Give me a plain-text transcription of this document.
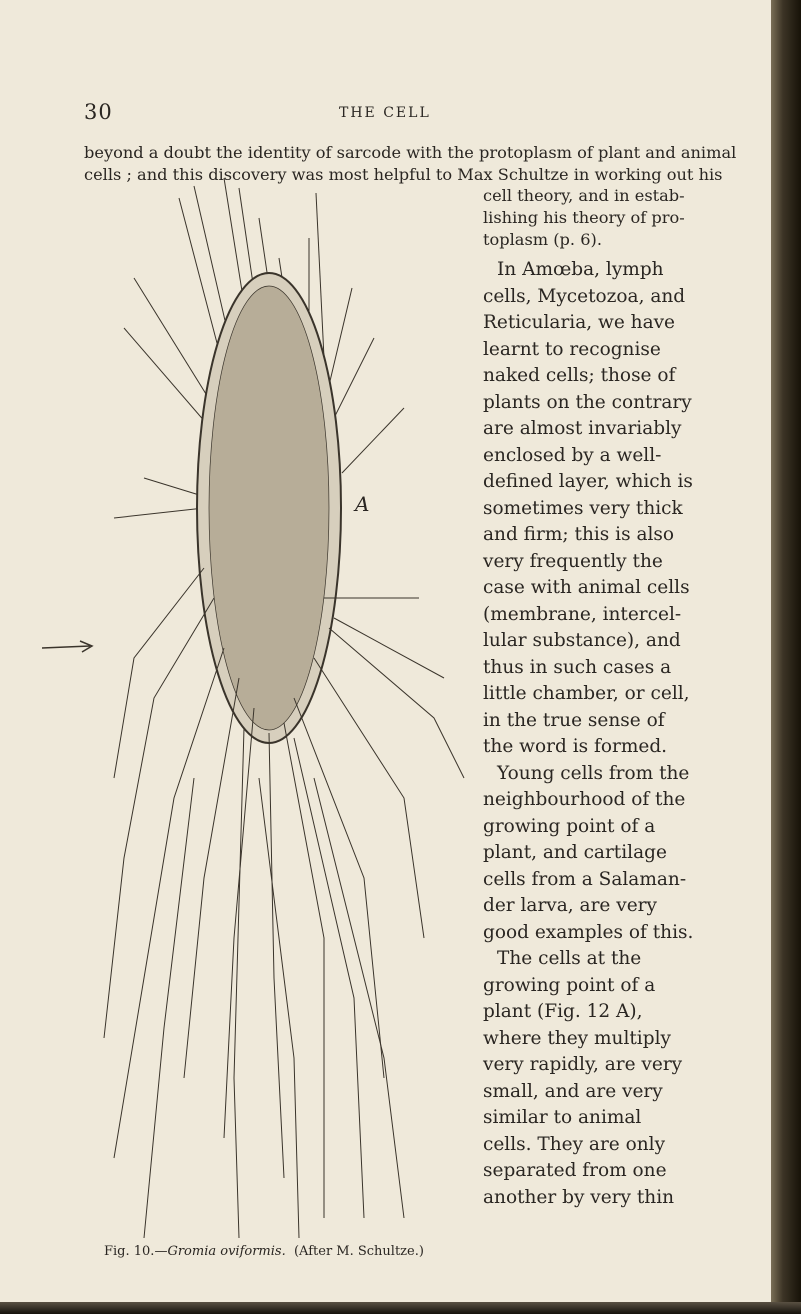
30	THE CELL
beyond a doubt the identity of sarcode with the protoplasm of plant and animal
cells ; and this discovery was most helpful to Max Schultze in working out his
cell theory, and in estab-
lishing his theory of pro-
toplasm (p. 6).
In Amœba, lymph
cells, Mycetozoa, and
Reticularia, we have
learnt to recognise
naked cells; those of
plants on the contrary
are almost invariably
enclosed by a well-
defined layer, which is
sometimes very thick
and firm; this is also
very frequently the
case with animal cells
(membrane, intercel-
lular substance), and
thus in such cases a
little chamber, or cell,
in the true sense of
the word is formed.
Young cells from the
neighbourhood of the
growing point of a
plant, and cartilage
cells from a Salaman-
der larva, are very
good examples of this.
The cells at the
growing point of a
plant (Fig. 12 A),
where they multiply
very rapidly, are very
small, and are very
similar to animal
cells. They are only
separated from one
another by very thin
A
Fig. 10.—Gromia oviformis. (After M. Schultze.)
